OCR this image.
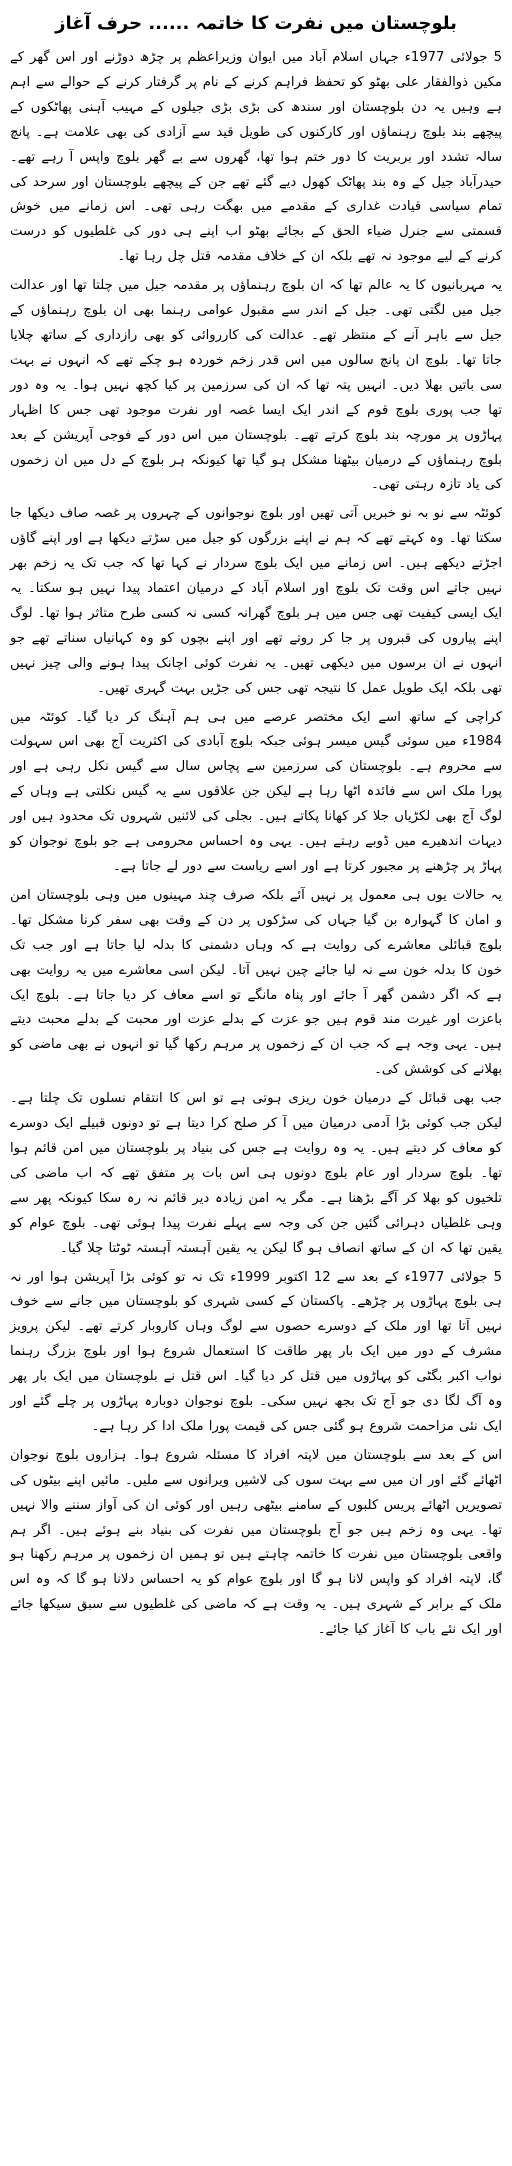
بلوچستان میں نفرت کا خاتمہ ...... حرف آغاز

5 جولائی 1977ء جہاں اسلام آباد میں ایوان وزیراعظم پر چڑھ دوڑنے اور اس گھر کے مکین ذوالفقار علی بھٹو کو تحفظ فراہم کرنے کے نام پر گرفتار کرنے کے حوالے سے اہم ہے وہیں یہ دن بلوچستان اور سندھ کی بڑی بڑی جیلوں کے مہیب آہنی پھاٹکوں کے پیچھے بند بلوچ رہنماؤں اور کارکنوں کی طویل قید سے آزادی کی بھی علامت ہے۔ پانچ سالہ تشدد اور بربریت کا دور ختم ہوا تھا، گھروں سے بے گھر بلوچ واپس آ رہے تھے۔ حیدرآباد جیل کے وہ بند پھاٹک کھول دیے گئے تھے جن کے پیچھے بلوچستان اور سرحد کی تمام سیاسی قیادت غداری کے مقدمے میں بھگت رہی تھی۔ اس زمانے میں خوش قسمتی سے جنرل ضیاء الحق کے بجائے بھٹو اب اپنے ہی دور کی غلطیوں کو درست کرنے کے لیے موجود نہ تھے بلکہ ان کے خلاف مقدمہ قتل چل رہا تھا۔

یہ مہربانیوں کا یہ عالم تھا کہ ان بلوچ رہنماؤں پر مقدمہ جیل میں چلتا تھا اور عدالت جیل میں لگتی تھی۔ جیل کے اندر سے مقبول عوامی رہنما بھی ان بلوچ رہنماؤں کے جیل سے باہر آنے کے منتظر تھے۔ عدالت کی کارروائی کو بھی رازداری کے ساتھ چلایا جاتا تھا۔ بلوچ ان پانچ سالوں میں اس قدر زخم خوردہ ہو چکے تھے کہ انہوں نے بہت سی باتیں بھلا دیں۔ انہیں پتہ تھا کہ ان کی سرزمین پر کیا کچھ نہیں ہوا۔ یہ وہ دور تھا جب پوری بلوچ قوم کے اندر ایک ایسا غصہ اور نفرت موجود تھی جس کا اظہار پہاڑوں پر مورچہ بند بلوچ کرتے تھے۔ بلوچستان میں اس دور کے فوجی آپریشن کے بعد بلوچ رہنماؤں کے درمیان بیٹھنا مشکل ہو گیا تھا کیونکہ ہر بلوچ کے دل میں ان زخموں کی یاد تازہ رہتی تھی۔

کوئٹہ سے نو بہ نو خبریں آتی تھیں اور بلوچ نوجوانوں کے چہروں پر غصہ صاف دیکھا جا سکتا تھا۔ وہ کہتے تھے کہ ہم نے اپنے بزرگوں کو جیل میں سڑتے دیکھا ہے اور اپنے گاؤں اجڑتے دیکھے ہیں۔ اس زمانے میں ایک بلوچ سردار نے کہا تھا کہ جب تک یہ زخم بھر نہیں جاتے اس وقت تک بلوچ اور اسلام آباد کے درمیان اعتماد پیدا نہیں ہو سکتا۔ یہ ایک ایسی کیفیت تھی جس میں ہر بلوچ گھرانہ کسی نہ کسی طرح متاثر ہوا تھا۔ لوگ اپنے پیاروں کی قبروں پر جا کر روتے تھے اور اپنے بچوں کو وہ کہانیاں سناتے تھے جو انہوں نے ان برسوں میں دیکھی تھیں۔ یہ نفرت کوئی اچانک پیدا ہونے والی چیز نہیں تھی بلکہ ایک طویل عمل کا نتیجہ تھی جس کی جڑیں بہت گہری تھیں۔

کراچی کے ساتھ اسے ایک مختصر عرصے میں ہی ہم آہنگ کر دیا گیا۔ کوئٹہ میں 1984ء میں سوئی گیس میسر ہوئی جبکہ بلوچ آبادی کی اکثریت آج بھی اس سہولت سے محروم ہے۔ بلوچستان کی سرزمین سے پچاس سال سے گیس نکل رہی ہے اور پورا ملک اس سے فائدہ اٹھا رہا ہے لیکن جن علاقوں سے یہ گیس نکلتی ہے وہاں کے لوگ آج بھی لکڑیاں جلا کر کھانا پکاتے ہیں۔ بجلی کی لائنیں شہروں تک محدود ہیں اور دیہات اندھیرے میں ڈوبے رہتے ہیں۔ یہی وہ احساس محرومی ہے جو بلوچ نوجوان کو پہاڑ پر چڑھنے پر مجبور کرتا ہے اور اسے ریاست سے دور لے جاتا ہے۔

یہ حالات یوں ہی معمول پر نہیں آئے بلکہ صرف چند مہینوں میں وہی بلوچستان امن و امان کا گہوارہ بن گیا جہاں کی سڑکوں پر دن کے وقت بھی سفر کرنا مشکل تھا۔ بلوچ قبائلی معاشرے کی روایت ہے کہ وہاں دشمنی کا بدلہ لیا جاتا ہے اور جب تک خون کا بدلہ خون سے نہ لیا جائے چین نہیں آتا۔ لیکن اسی معاشرے میں یہ روایت بھی ہے کہ اگر دشمن گھر آ جائے اور پناہ مانگے تو اسے معاف کر دیا جاتا ہے۔ بلوچ ایک باعزت اور غیرت مند قوم ہیں جو عزت کے بدلے عزت اور محبت کے بدلے محبت دیتے ہیں۔ یہی وجہ ہے کہ جب ان کے زخموں پر مرہم رکھا گیا تو انہوں نے بھی ماضی کو بھلانے کی کوشش کی۔

جب بھی قبائل کے درمیان خون ریزی ہوتی ہے تو اس کا انتقام نسلوں تک چلتا ہے۔ لیکن جب کوئی بڑا آدمی درمیان میں آ کر صلح کرا دیتا ہے تو دونوں قبیلے ایک دوسرے کو معاف کر دیتے ہیں۔ یہ وہ روایت ہے جس کی بنیاد پر بلوچستان میں امن قائم ہوا تھا۔ بلوچ سردار اور عام بلوچ دونوں ہی اس بات پر متفق تھے کہ اب ماضی کی تلخیوں کو بھلا کر آگے بڑھنا ہے۔ مگر یہ امن زیادہ دیر قائم نہ رہ سکا کیونکہ پھر سے وہی غلطیاں دہرائی گئیں جن کی وجہ سے پہلے نفرت پیدا ہوئی تھی۔ بلوچ عوام کو یقین تھا کہ ان کے ساتھ انصاف ہو گا لیکن یہ یقین آہستہ آہستہ ٹوٹتا چلا گیا۔

5 جولائی 1977ء کے بعد سے 12 اکتوبر 1999ء تک نہ تو کوئی بڑا آپریشن ہوا اور نہ ہی بلوچ پہاڑوں پر چڑھے۔ پاکستان کے کسی شہری کو بلوچستان میں جانے سے خوف نہیں آتا تھا اور ملک کے دوسرے حصوں سے لوگ وہاں کاروبار کرتے تھے۔ لیکن پرویز مشرف کے دور میں ایک بار پھر طاقت کا استعمال شروع ہوا اور بلوچ بزرگ رہنما نواب اکبر بگٹی کو پہاڑوں میں قتل کر دیا گیا۔ اس قتل نے بلوچستان میں ایک بار پھر وہ آگ لگا دی جو آج تک بجھ نہیں سکی۔ بلوچ نوجوان دوبارہ پہاڑوں پر چلے گئے اور ایک نئی مزاحمت شروع ہو گئی جس کی قیمت پورا ملک ادا کر رہا ہے۔

اس کے بعد سے بلوچستان میں لاپتہ افراد کا مسئلہ شروع ہوا۔ ہزاروں بلوچ نوجوان اٹھائے گئے اور ان میں سے بہت سوں کی لاشیں ویرانوں سے ملیں۔ مائیں اپنے بیٹوں کی تصویریں اٹھائے پریس کلبوں کے سامنے بیٹھی رہیں اور کوئی ان کی آواز سننے والا نہیں تھا۔ یہی وہ زخم ہیں جو آج بلوچستان میں نفرت کی بنیاد بنے ہوئے ہیں۔ اگر ہم واقعی بلوچستان میں نفرت کا خاتمہ چاہتے ہیں تو ہمیں ان زخموں پر مرہم رکھنا ہو گا، لاپتہ افراد کو واپس لانا ہو گا اور بلوچ عوام کو یہ احساس دلانا ہو گا کہ وہ اس ملک کے برابر کے شہری ہیں۔ یہ وقت ہے کہ ماضی کی غلطیوں سے سبق سیکھا جائے اور ایک نئے باب کا آغاز کیا جائے۔
